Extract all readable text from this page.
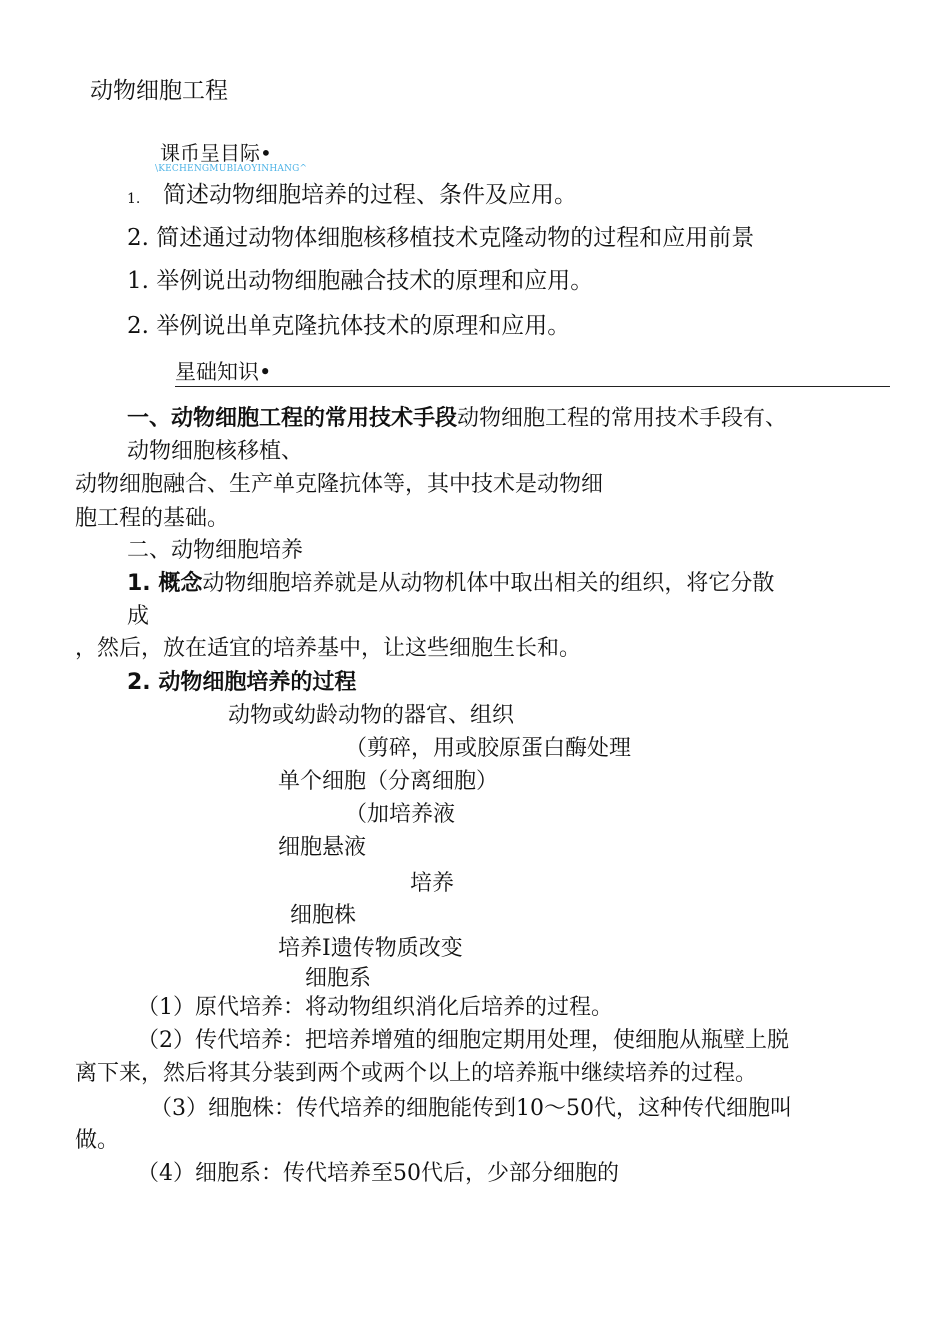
动物细胞工程
课币呈目际•
\KECHENGMUBIAOYINHANG^
1. 简述动物细胞培养的过程、条件及应用。
2. 简述通过动物体细胞核移植技术克隆动物的过程和应用前景
1. 举例说出动物细胞融合技术的原理和应用。
2. 举例说出单克隆抗体技术的原理和应用。
星础知识•
一、动物细胞工程的常用技术手段动物细胞工程的常用技术手段有、
动物细胞核移植、
动物细胞融合、生产单克隆抗体等，其中技术是动物细
胞工程的基础。
二、动物细胞培养
1. 概念动物细胞培养就是从动物机体中取出相关的组织，将它分散
成
，然后，放在适宜的培养基中，让这些细胞生长和。
2. 动物细胞培养的过程
动物或幼龄动物的器官、组织
（剪碎，用或胶原蛋白酶处理
单个细胞（分离细胞）
（加培养液
细胞悬液
培养
细胞株
培养Ⅰ遗传物质改变
细胞系
（1）原代培养：将动物组织消化后培养的过程。
（2）传代培养：把培养增殖的细胞定期用处理，使细胞从瓶壁上脱
离下来，然后将其分装到两个或两个以上的培养瓶中继续培养的过程。
（3）细胞株：传代培养的细胞能传到10〜50代，这种传代细胞叫
做。
（4）细胞系：传代培养至50代后，少部分细胞的
